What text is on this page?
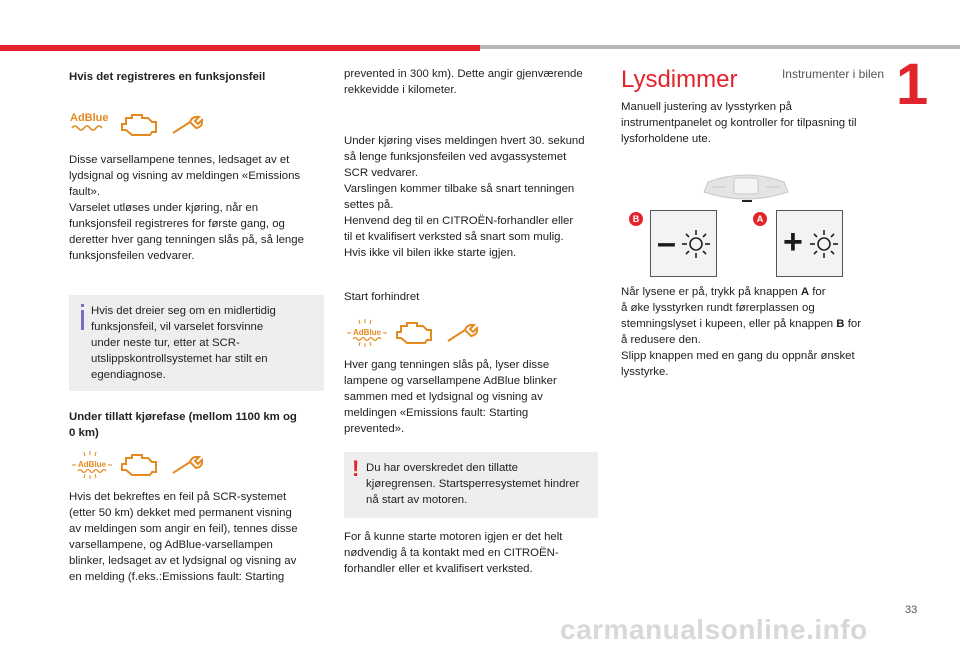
Instrumenter i bilen 1
Hvis det registreres en funksjonsfeil
AdBlue
Disse varsellampene tennes, ledsaget av et
lydsignal og visning av meldingen «Emissions
fault».
Varselet utløses under kjøring, når en
funksjonsfeil registreres for første gang, og
deretter hver gang tenningen slås på, så lenge
funksjonsfeilen vedvarer.
Hvis det dreier seg om en midlertidig
funksjonsfeil, vil varselet forsvinne
under neste tur, etter at SCR-
utslippskontrollsystemet har stilt en
egendiagnose.
Under tillatt kjørefase (mellom 1100 km og
0 km)
AdBlue
Hvis det bekreftes en feil på SCR-systemet
(etter 50 km) dekket med permanent visning
av meldingen som angir en feil), tennes disse
varsellampene, og AdBlue-varsellampen
blinker, ledsaget av et lydsignal og visning av
en melding (f.eks.:Emissions fault: Starting
prevented in 300 km). Dette angir gjenværende
rekkevidde i kilometer.
Under kjøring vises meldingen hvert 30. sekund
så lenge funksjonsfeilen ved avgassystemet
SCR vedvarer.
Varslingen kommer tilbake så snart tenningen
settes på.
Henvend deg til en CITROËN-forhandler eller
til et kvalifisert verksted så snart som mulig.
Hvis ikke vil bilen ikke starte igjen.
Start forhindret
AdBlue
Hver gang tenningen slås på, lyser disse
lampene og varsellampene AdBlue blinker
sammen med et lydsignal og visning av
meldingen «Emissions fault: Starting
prevented».
! Du har overskredet den tillatte
kjøregrensen. Startsperresystemet hindrer
nå start av motoren.
For å kunne starte motoren igjen er det helt
nødvendig å ta kontakt med en CITROËN-
forhandler eller et kvalifisert verksted.
Lysdimmer
Manuell justering av lysstyrken på
instrumentpanelet og kontroller for tilpasning til
lysforholdene ute.
B	A
–	+
Når lysene er på, trykk på knappen A for
å øke lysstyrken rundt førerplassen og
stemningslyset i kupeen, eller på knappen B for
å redusere den.
Slipp knappen med en gang du oppnår ønsket
lysstyrke.
33
carmanualsonline.info
